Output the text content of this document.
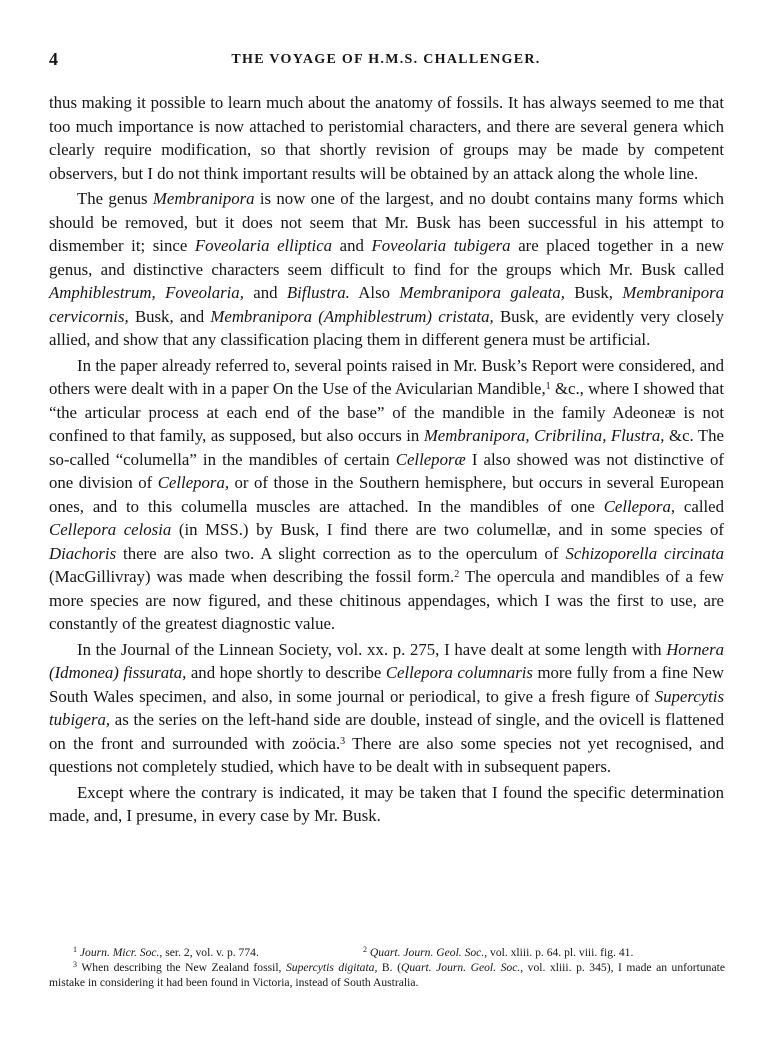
4	THE VOYAGE OF H.M.S. CHALLENGER.

thus making it possible to learn much about the anatomy of fossils. It has always seemed to me that too much importance is now attached to peristomial characters, and there are several genera which clearly require modification, so that shortly revision of groups may be made by competent observers, but I do not think important results will be obtained by an attack along the whole line.

The genus Membranipora is now one of the largest, and no doubt contains many forms which should be removed, but it does not seem that Mr. Busk has been successful in his attempt to dismember it; since Foveolaria elliptica and Foveolaria tubigera are placed together in a new genus, and distinctive characters seem difficult to find for the groups which Mr. Busk called Amphiblestrum, Foveolaria, and Biflustra. Also Membranipora galeata, Busk, Membranipora cervicornis, Busk, and Membranipora (Amphiblestrum) cristata, Busk, are evidently very closely allied, and show that any classification placing them in different genera must be artificial.

In the paper already referred to, several points raised in Mr. Busk’s Report were considered, and others were dealt with in a paper On the Use of the Avicularian Mandible,$^1$ &c., where I showed that “the articular process at each end of the base” of the mandible in the family Adeoneæ is not confined to that family, as supposed, but also occurs in Membranipora, Cribrilina, Flustra, &c. The so-called “columella” in the mandibles of certain Celleporæ I also showed was not distinctive of one division of Cellepora, or of those in the Southern hemisphere, but occurs in several European ones, and to this columella muscles are attached. In the mandibles of one Cellepora, called Cellepora celosia (in MSS.) by Busk, I find there are two columellæ, and in some species of Diachoris there are also two. A slight correction as to the operculum of Schizoporella circinata (MacGillivray) was made when describing the fossil form.$^2$ The opercula and mandibles of a few more species are now figured, and these chitinous appendages, which I was the first to use, are constantly of the greatest diagnostic value.

In the Journal of the Linnean Society, vol. xx. p. 275, I have dealt at some length with Hornera (Idmonea) fissurata, and hope shortly to describe Cellepora columnaris more fully from a fine New South Wales specimen, and also, in some journal or periodical, to give a fresh figure of Supercytis tubigera, as the series on the left-hand side are double, instead of single, and the ovicell is flattened on the front and surrounded with zoöcia.$^3$ There are also some species not yet recognised, and questions not completely studied, which have to be dealt with in subsequent papers.

Except where the contrary is indicated, it may be taken that I found the specific determination made, and, I presume, in every case by Mr. Busk.

$^1$ Journ. Micr. Soc., ser. 2, vol. v. p. 774.	$^2$ Quart. Journ. Geol. Soc., vol. xliii. p. 64. pl. viii. fig. 41.
$^3$ When describing the New Zealand fossil, Supercytis digitata, B. (Quart. Journ. Geol. Soc., vol. xliii. p. 345), I made an unfortunate mistake in considering it had been found in Victoria, instead of South Australia.
